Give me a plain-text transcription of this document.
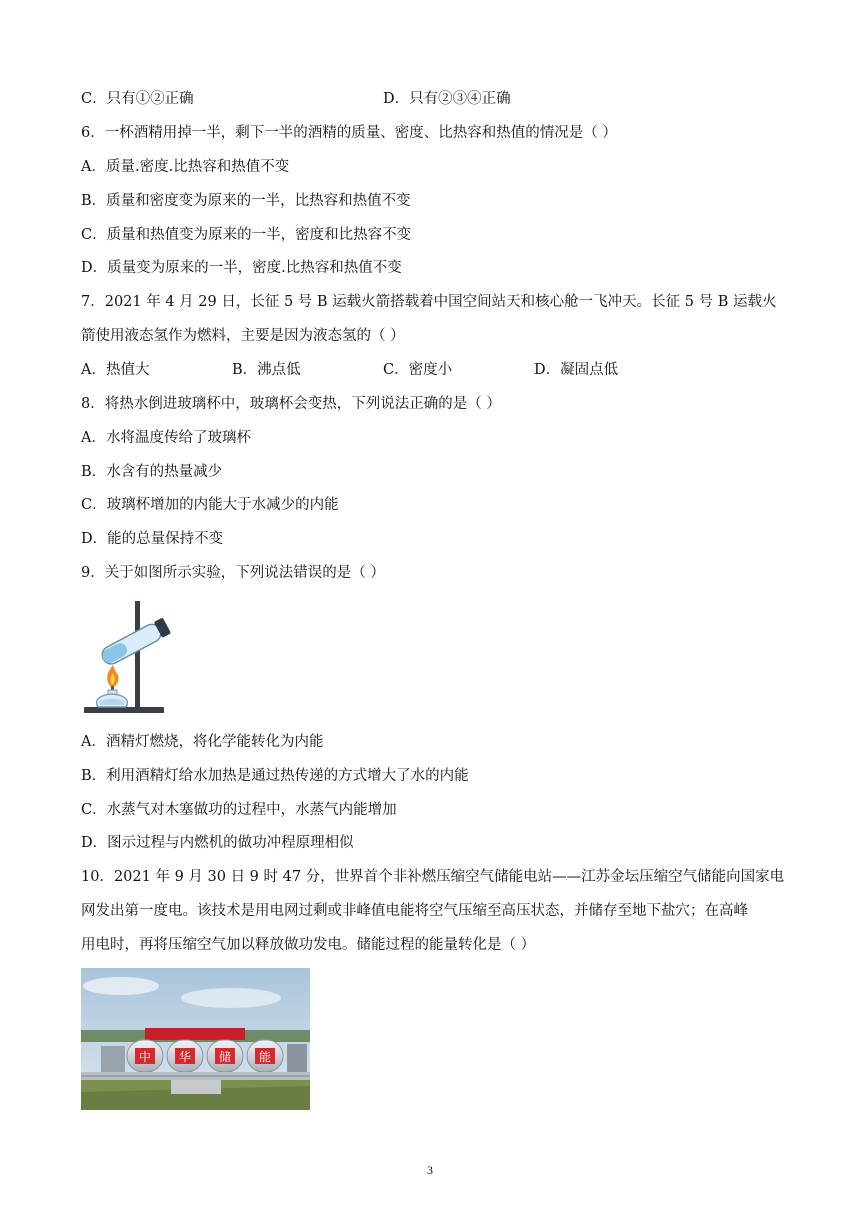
C．只有①②正确	D．只有②③④正确
6．一杯酒精用掉一半，剩下一半的酒精的质量、密度、比热容和热值的情况是（ ）
A．质量.密度.比热容和热值不变
B．质量和密度变为原来的一半，比热容和热值不变
C．质量和热值变为原来的一半，密度和比热容不变
D．质量变为原来的一半，密度.比热容和热值不变
7．2021 年 4 月 29 日，长征 5 号 B 运载火箭搭载着中国空间站天和核心舱一飞冲天。长征 5 号 B 运载火
箭使用液态氢作为燃料，主要是因为液态氢的（ ）
A．热值大	B．沸点低	C．密度小	D．凝固点低
8．将热水倒进玻璃杯中，玻璃杯会变热，下列说法正确的是（ ）
A．水将温度传给了玻璃杯
B．水含有的热量减少
C．玻璃杯增加的内能大于水减少的内能
D．能的总量保持不变
9．关于如图所示实验，下列说法错误的是（ ）
A．酒精灯燃烧，将化学能转化为内能
B．利用酒精灯给水加热是通过热传递的方式增大了水的内能
C．水蒸气对木塞做功的过程中，水蒸气内能增加
D．图示过程与内燃机的做功冲程原理相似
10．2021 年 9 月 30 日 9 时 47 分，世界首个非补燃压缩空气储能电站——江苏金坛压缩空气储能向国家电
网发出第一度电。该技术是用电网过剩或非峰值电能将空气压缩至高压状态，并储存至地下盐穴；在高峰
用电时，再将压缩空气加以释放做功发电。储能过程的能量转化是（ ）
中 华 储 能
3
